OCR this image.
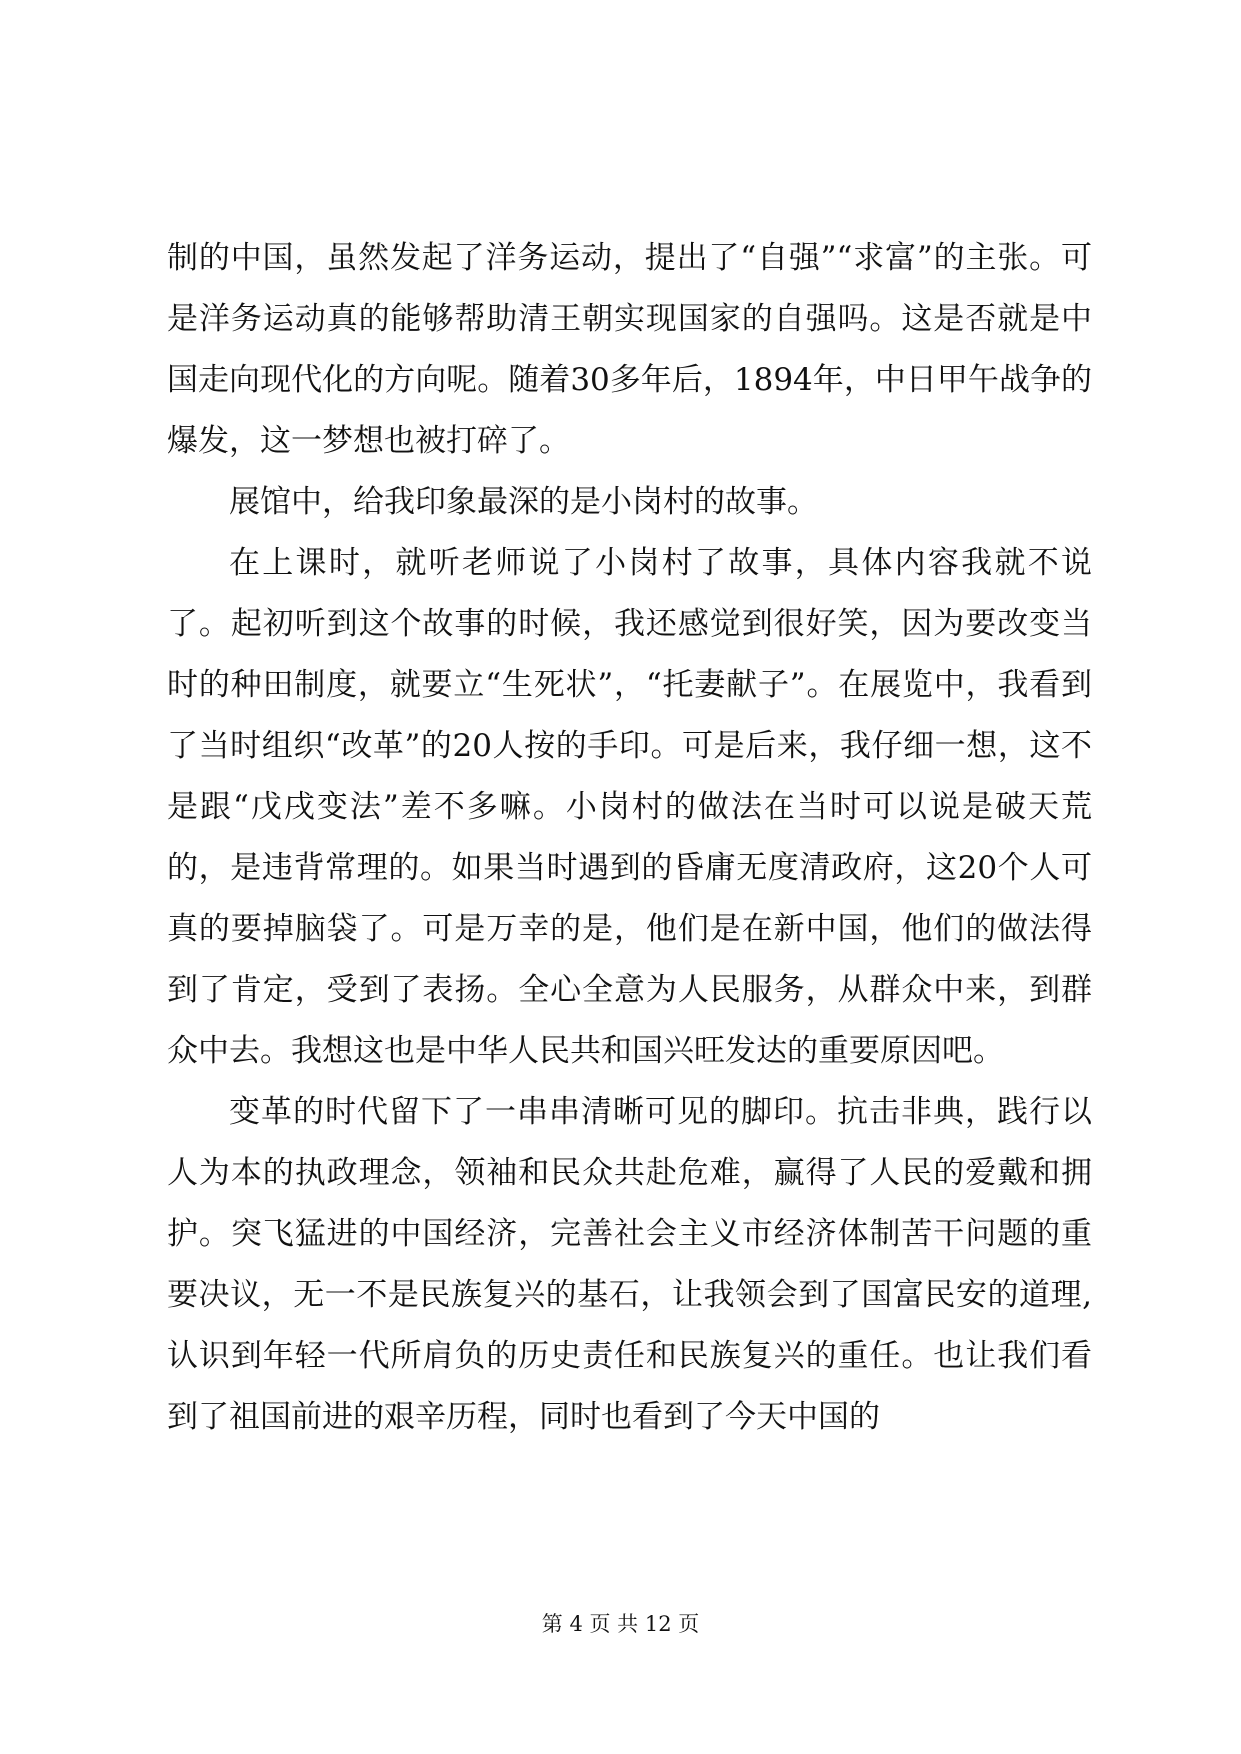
制的中国，虽然发起了洋务运动，提出了“自强”“求富”的主张。可是洋务运动真的能够帮助清王朝实现国家的自强吗。这是否就是中国走向现代化的方向呢。随着30多年后，1894年，中日甲午战争的爆发，这一梦想也被打碎了。

展馆中，给我印象最深的是小岗村的故事。

在上课时，就听老师说了小岗村了故事，具体内容我就不说了。起初听到这个故事的时候，我还感觉到很好笑，因为要改变当时的种田制度，就要立“生死状”，“托妻献子”。在展览中，我看到了当时组织“改革”的20人按的手印。可是后来，我仔细一想，这不是跟“戊戌变法”差不多嘛。小岗村的做法在当时可以说是破天荒的，是违背常理的。如果当时遇到的昏庸无度清政府，这20个人可真的要掉脑袋了。可是万幸的是，他们是在新中国，他们的做法得到了肯定，受到了表扬。全心全意为人民服务，从群众中来，到群众中去。我想这也是中华人民共和国兴旺发达的重要原因吧。

变革的时代留下了一串串清晰可见的脚印。抗击非典，践行以人为本的执政理念，领袖和民众共赴危难，赢得了人民的爱戴和拥护。突飞猛进的中国经济，完善社会主义市经济体制苦干问题的重要决议，无一不是民族复兴的基石，让我领会到了国富民安的道理,认识到年轻一代所肩负的历史责任和民族复兴的重任。也让我们看到了祖国前进的艰辛历程，同时也看到了今天中国的

第 4 页 共 12 页
